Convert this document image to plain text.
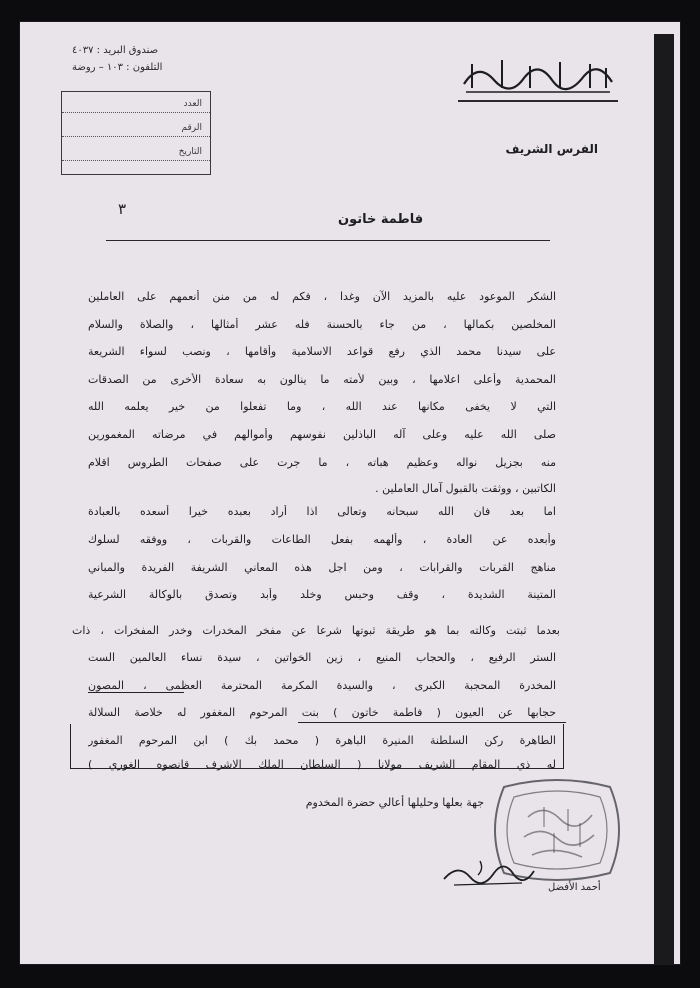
الفرس الشريف
صندوق البريد : ٤٠٣٧
التلفون : ١٠٣ – روضة
العدد
الرقم
التاريخ
٣
فاطمة خاتون
الشكر الموعود عليه بالمزيد الآن وغدا ، فكم له من منن أنعمهم على العاملين
المخلصين بكمالها ، من جاء بالحسنة فله عشر أمثالها ، والصلاة والسلام
على سيدنا محمد الذي رفع قواعد الاسلامية وأقامها ، ونصب لسواء الشريعة
المحمدية وأعلى اعلامها ، وبين لأمته ما ينالون به سعادة الأخرى من الصدقات
التي لا يخفى مكانها عند الله ، وما تفعلوا من خير يعلمه الله
صلى الله عليه وعلى آله الباذلين نفوسهم وأموالهم في مرضاته المغمورين
منه بجزيل نواله وعظيم هباته ، ما جرت على صفحات الطروس اقلام
الكاتبين ، ووثقت بالقبول آمال العاملين .
اما بعد فان الله سبحانه وتعالى اذا أراد بعبده خيرا أسعده بالعبادة
وأبعده عن العادة ، وألهمه بفعل الطاعات والقربات ، ووفقه لسلوك
مناهج القربات والقرابات ، ومن اجل هذه المعاني الشريفة الفريدة والمباني
المتينة الشديدة ، وقف وحبس وخلد وأبد وتصدق بالوكالة الشرعية
بعدما ثبتت وكالته بما هو طريقة ثبوتها شرعا عن مفخر المخدرات وخدر المفخرات ، ذات
الستر الرفيع ، والحجاب المنيع ، زين الخواتين ، سيدة نساء العالمين الست
المخدرة المحجبة الكبرى ، والسيدة المكرمة المحترمة العظمى ، المصون
حجابها عن العيون ( فاطمة خاتون ) بنت المرحوم المغفور له خلاصة السلالة
الطاهرة ركن السلطنة المنيرة الباهرة ( محمد بك ) ابن المرحوم المغفور
له ذي المقام الشريف مولانا ( السلطان الملك الاشرف قانصوه الغوري )
جهة بعلها وحليلها أعالي حضرة المخدوم
أحمد الأفضل
